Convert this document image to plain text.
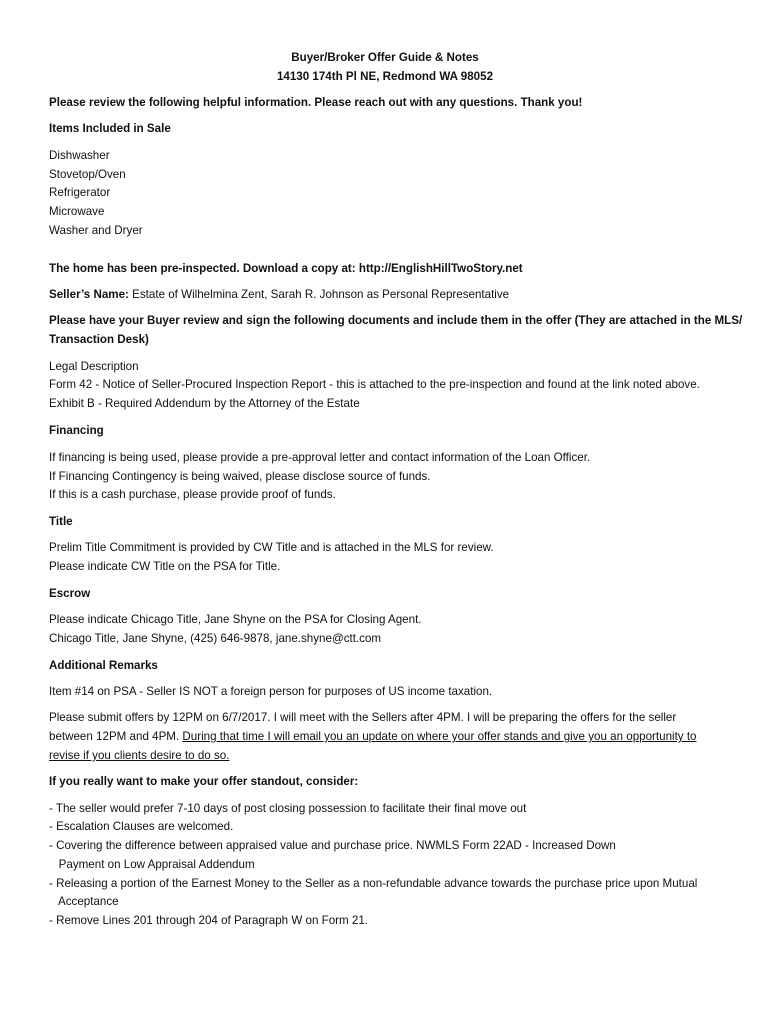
Buyer/Broker Offer Guide & Notes
14130 174th Pl NE, Redmond WA 98052
Please review the following helpful information. Please reach out with any questions. Thank you!
Items Included in Sale
Dishwasher
Stovetop/Oven
Refrigerator
Microwave
Washer and Dryer
The home has been pre-inspected. Download a copy at: http://EnglishHillTwoStory.net
Seller’s Name: Estate of Wilhelmina Zent, Sarah R. Johnson as Personal Representative
Please have your Buyer review and sign the following documents and include them in the offer (They are attached in the MLS/
Transaction Desk)
Legal Description
Form 42 - Notice of Seller-Procured Inspection Report - this is attached to the pre-inspection and found at the link noted above.
Exhibit B - Required Addendum by the Attorney of the Estate
Financing
If financing is being used, please provide a pre-approval letter and contact information of the Loan Officer.
If Financing Contingency is being waived, please disclose source of funds.
If this is a cash purchase, please provide proof of funds.
Title
Prelim Title Commitment is provided by CW Title and is attached in the MLS for review.
Please indicate CW Title on the PSA for Title.
Escrow
Please indicate Chicago Title, Jane Shyne on the PSA for Closing Agent.
Chicago Title, Jane Shyne, (425) 646-9878, jane.shyne@ctt.com
Additional Remarks
Item #14 on PSA - Seller IS NOT a foreign person for purposes of US income taxation.
Please submit offers by 12PM on 6/7/2017. I will meet with the Sellers after 4PM. I will be preparing the offers for the seller
between 12PM and 4PM. During that time I will email you an update on where your offer stands and give you an opportunity to
revise if you clients desire to do so.
If you really want to make your offer standout, consider:
- The seller would prefer 7-10 days of post closing possession to facilitate their final move out
- Escalation Clauses are welcomed.
- Covering the difference between appraised value and purchase price. NWMLS Form 22AD - Increased Down
Payment on Low Appraisal Addendum
- Releasing a portion of the Earnest Money to the Seller as a non-refundable advance towards the purchase price upon Mutual
Acceptance
- Remove Lines 201 through 204 of Paragraph W on Form 21.
